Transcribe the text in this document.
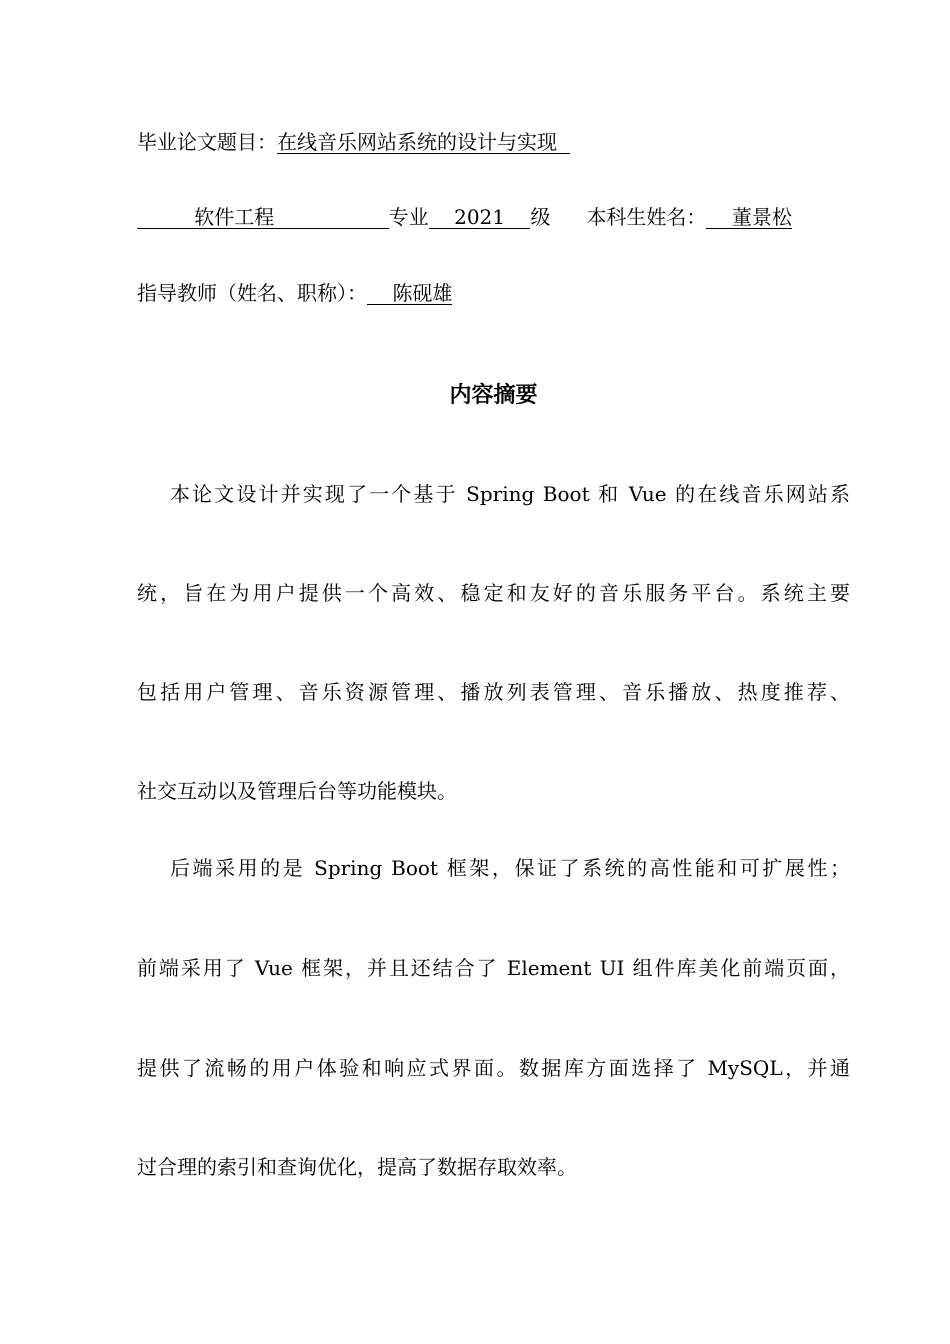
毕业论文题目：在线音乐网站系统的设计与实现
软件工程	专业 2021 级 本科生姓名： 董景松
指导教师（姓名、职称）： 陈砚雄
内容摘要
本论文设计并实现了一个基于 Spring Boot 和 Vue 的在线音乐网站系
统，旨在为用户提供一个高效、稳定和友好的音乐服务平台。系统主要
包括用户管理、音乐资源管理、播放列表管理、音乐播放、热度推荐、
社交互动以及管理后台等功能模块。
后端采用的是 Spring Boot 框架，保证了系统的高性能和可扩展性；
前端采用了 Vue 框架，并且还结合了 Element UI 组件库美化前端页面，
提供了流畅的用户体验和响应式界面。数据库方面选择了 MySQL，并通
过合理的索引和查询优化，提高了数据存取效率。
